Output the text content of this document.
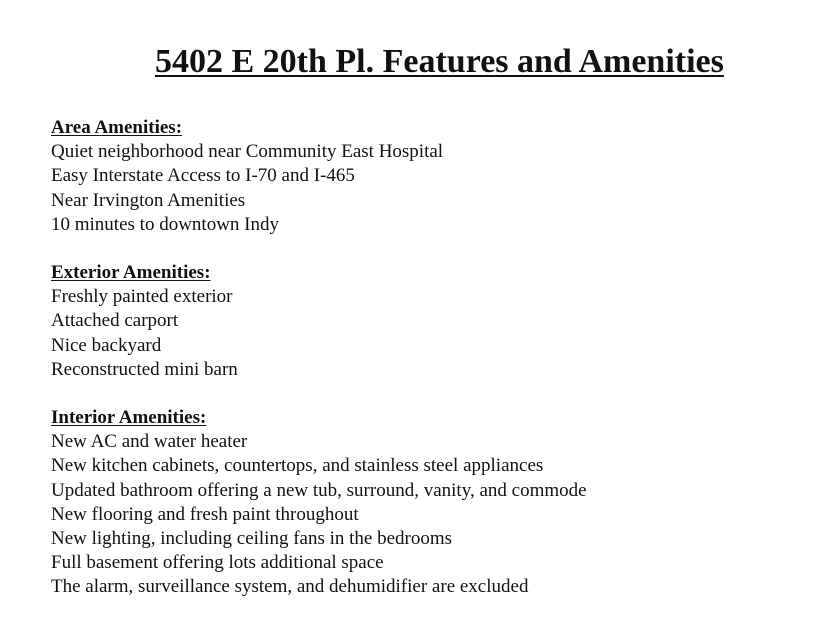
5402 E 20th Pl. Features and Amenities

Area Amenities:

Quiet neighborhood near Community East Hospital
Easy Interstate Access to I-70 and I-465
Near Irvington Amenities
10 minutes to downtown Indy

Exterior Amenities:

Freshly painted exterior
Attached carport
Nice backyard
Reconstructed mini barn

Interior Amenities:

New AC and water heater
New kitchen cabinets, countertops, and stainless steel appliances
Updated bathroom offering a new tub, surround, vanity, and commode
New flooring and fresh paint throughout
New lighting, including ceiling fans in the bedrooms
Full basement offering lots additional space
The alarm, surveillance system, and dehumidifier are excluded
